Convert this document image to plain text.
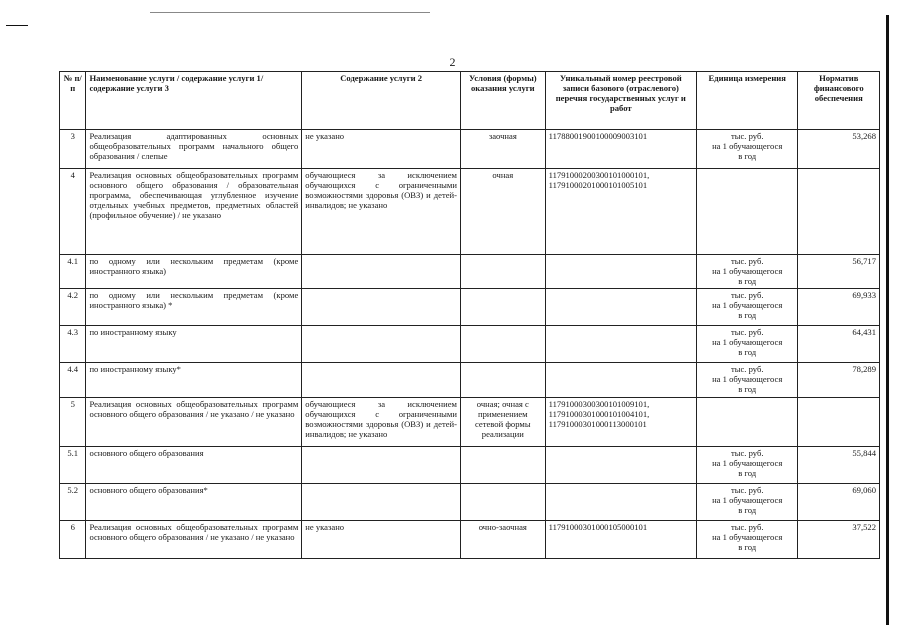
2
№ п/п	Наименование услуги / содержание услуги 1/ содержание услуги 3	Содержание услуги 2	Условия (формы) оказания услуги	Уникальный номер реестровой записи базового (отраслевого) перечня государственных услуг и работ	Единица измерения	Норматив финансового обеспечения
3	Реализация адаптированных основных общеобразовательных программ начального общего образования / слепые	не указано	заочная	11788001900100009003101	тыс. руб.
на 1 обучающегося
в год	53,268
4	Реализация основных общеобразовательных программ основного общего образования / образовательная программа, обеспечивающая углубленное изучение отдельных учебных предметов, предметных областей (профильное обучение) / не указано	обучающиеся за исключением обучающихся с ограниченными возможностями здоровья (ОВЗ) и детей-инвалидов; не указано	очная	11791000200300101000101,
11791000201000101005101		
4.1	по одному или нескольким предметам (кроме иностранного языка)				тыс. руб.
на 1 обучающегося
в год	56,717
4.2	по одному или нескольким предметам (кроме иностранного языка) *				тыс. руб.
на 1 обучающегося
в год	69,933
4.3	по иностранному языку				тыс. руб.
на 1 обучающегося
в год	64,431
4.4	по иностранному языку*				тыс. руб.
на 1 обучающегося
в год	78,289
5	Реализация основных общеобразовательных программ основного общего образования / не указано / не указано	обучающиеся за исключением обучающихся с ограниченными возможностями здоровья (ОВЗ) и детей-инвалидов; не указано	очная; очная с применением сетевой формы реализации	11791000300300101009101,
11791000301000101004101,
11791000301000113000101		
5.1	основного общего образования				тыс. руб.
на 1 обучающегося
в год	55,844
5.2	основного общего образования*				тыс. руб.
на 1 обучающегося
в год	69,060
6	Реализация основных общеобразовательных программ основного общего образования / не указано / не указано	не указано	очно-заочная	11791000301000105000101	тыс. руб.
на 1 обучающегося
в год	37,522
